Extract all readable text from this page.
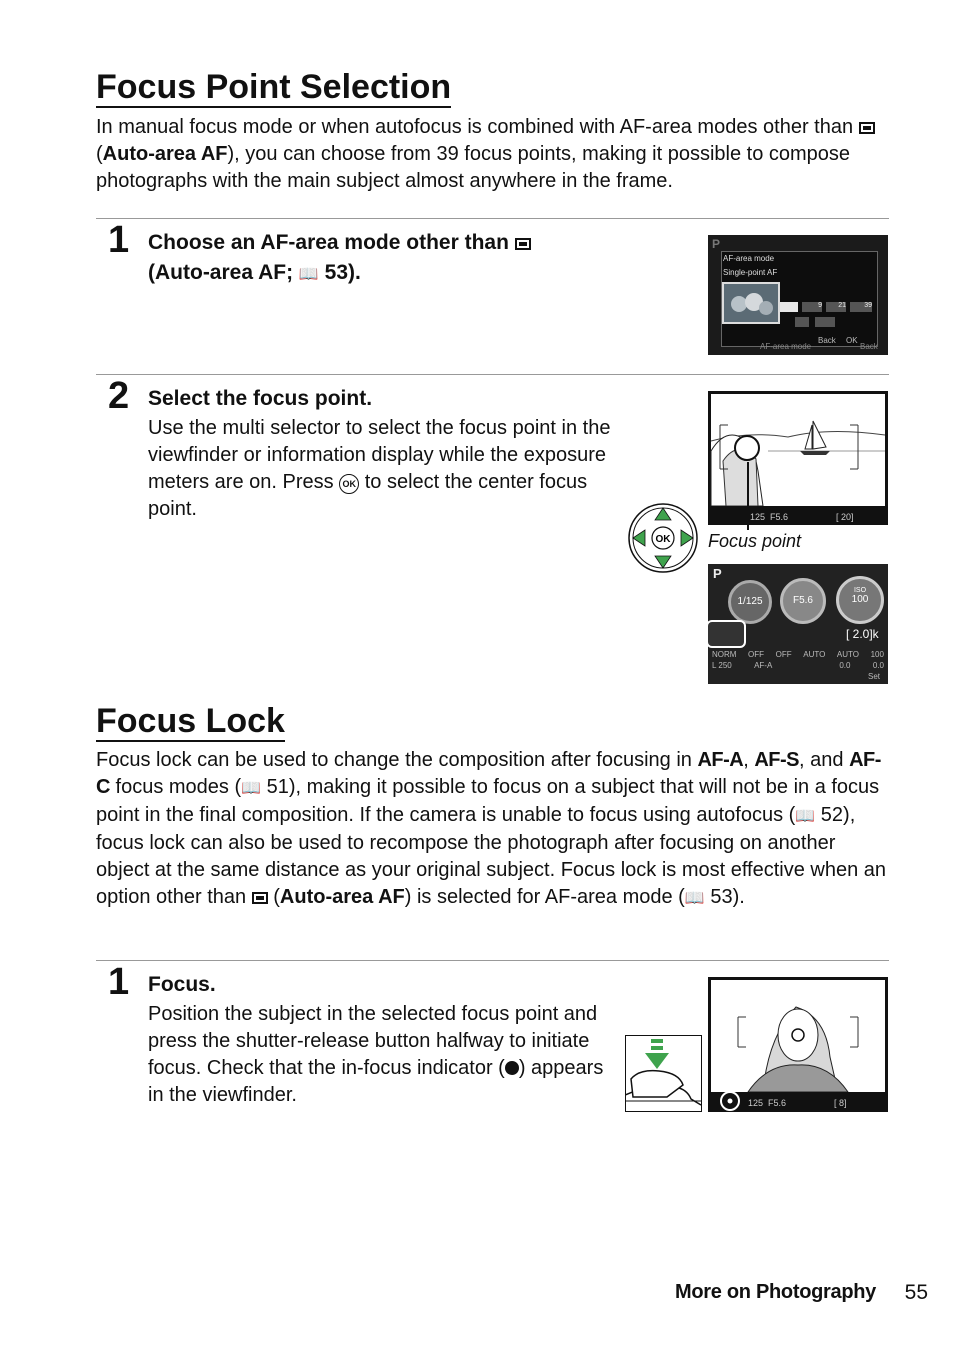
Focus Point Selection
In manual focus mode or when autofocus is combined with AF-area modes other than  (Auto-area AF), you can choose from 39 focus points, making it possible to compose photographs with the main subject almost anywhere in the frame.
1 Choose an AF-area mode other than
(Auto-area AF; 📖 53).
P
AF-area mode
Single-point AF
9	21	39
Back OK
AF-area mode	Back
2 Select the focus point.
Use the multi selector to select the focus point in the viewfinder or information display while the exposure meters are on. Press OK to select the center focus point.
OK
125 F5.6	[ 20]
Focus point
P
1/125	F5.6
ISO
100
[ 2.0]k
NORM OFF OFF AUTO AUTO 100
L 250	AF-A	0.0	0.0
Set
Focus Lock
Focus lock can be used to change the composition after focusing in AF-A, AF-S, and AF-C focus modes (📖 51), making it possible to focus on a subject that will not be in a focus point in the final composition. If the camera is unable to focus using autofocus (📖 52), focus lock can also be used to recompose the photograph after focusing on another object at the same distance as your original subject. Focus lock is most effective when an option other than  (Auto-area AF) is selected for AF-area mode (📖 53).
1 Focus.
Position the subject in the selected focus point and press the shutter-release button halfway to initiate focus. Check that the in-focus indicator ( ) appears in the viewfinder.	125 F5.6	[ 8]
More on Photography 55
